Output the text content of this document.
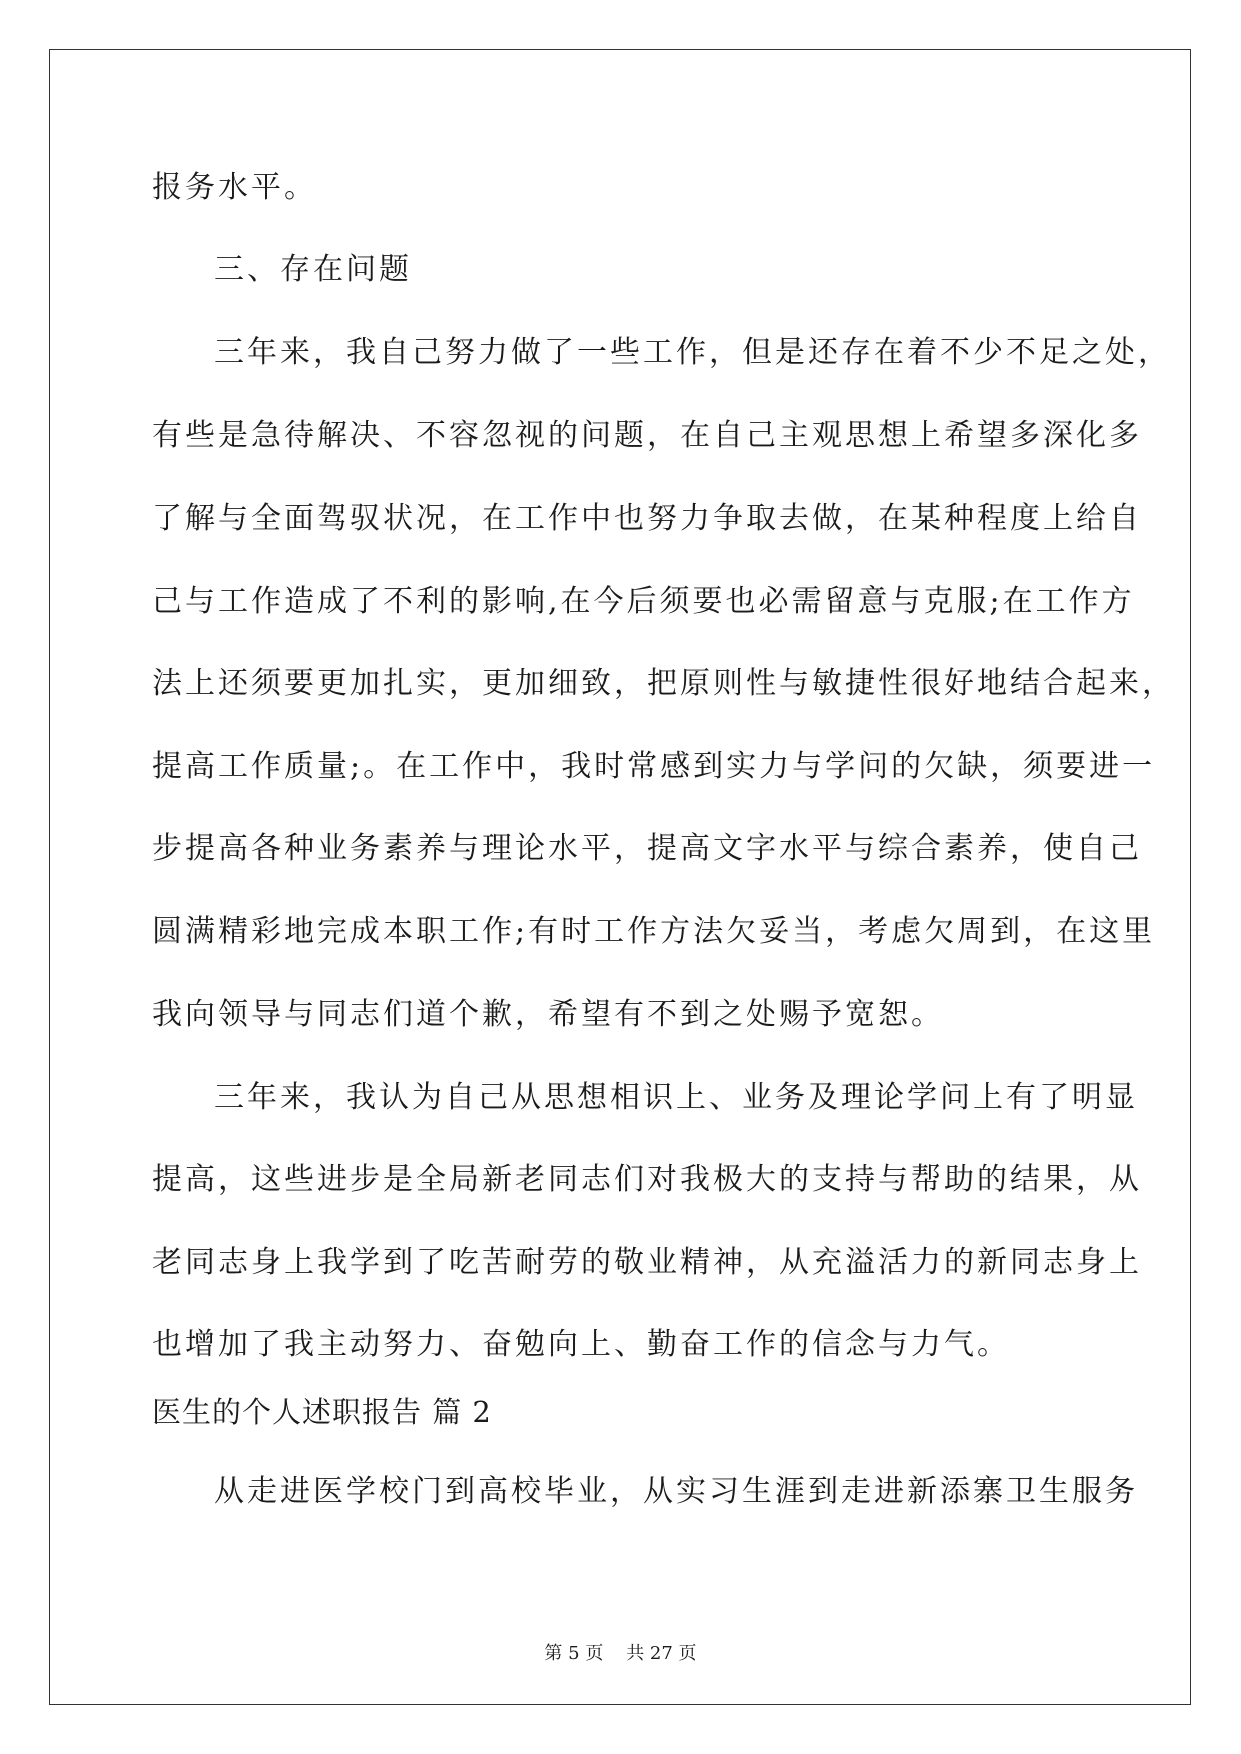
报务水平。
三、存在问题
三年来，我自己努力做了一些工作，但是还存在着不少不足之处，
有些是急待解决、不容忽视的问题，在自己主观思想上希望多深化多
了解与全面驾驭状况，在工作中也努力争取去做，在某种程度上给自
己与工作造成了不利的影响,在今后须要也必需留意与克服;在工作方
法上还须要更加扎实，更加细致，把原则性与敏捷性很好地结合起来，
提高工作质量;。在工作中，我时常感到实力与学问的欠缺，须要进一
步提高各种业务素养与理论水平，提高文字水平与综合素养，使自己
圆满精彩地完成本职工作;有时工作方法欠妥当，考虑欠周到，在这里
我向领导与同志们道个歉，希望有不到之处赐予宽恕。
三年来，我认为自己从思想相识上、业务及理论学问上有了明显
提高，这些进步是全局新老同志们对我极大的支持与帮助的结果，从
老同志身上我学到了吃苦耐劳的敬业精神，从充溢活力的新同志身上
也增加了我主动努力、奋勉向上、勤奋工作的信念与力气。
医生的个人述职报告 篇 2
从走进医学校门到高校毕业，从实习生涯到走进新添寨卫生服务
第 5 页    共 27 页
